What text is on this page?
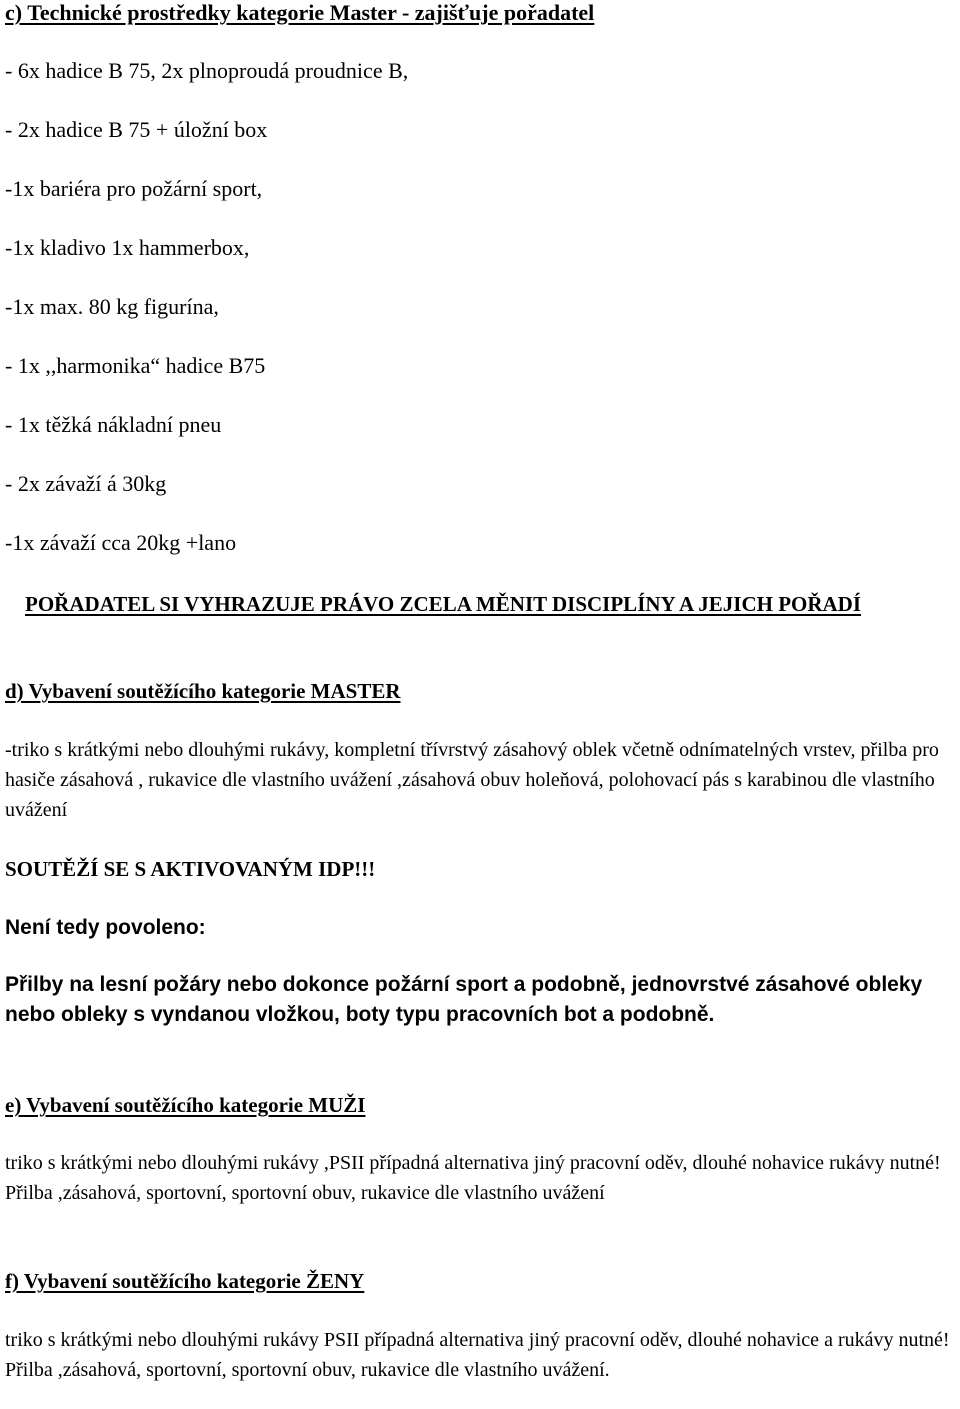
c) Technické prostředky kategorie Master - zajišťuje pořadatel
- 6x hadice B 75, 2x plnoproudá proudnice B,
- 2x hadice B 75 + úložní box
-1x bariéra pro požární sport,
-1x kladivo 1x hammerbox,
-1x max. 80 kg figurína,
- 1x ,,harmonika“ hadice B75
- 1x těžká nákladní pneu
- 2x závaží á 30kg
-1x závaží cca 20kg +lano
POŘADATEL SI VYHRAZUJE PRÁVO ZCELA MĚNIT DISCIPLÍNY A JEJICH POŘADÍ
d) Vybavení soutěžícího kategorie MASTER
-triko s krátkými nebo dlouhými rukávy, kompletní třívrstvý zásahový oblek včetně odnímatelných vrstev, přilba pro hasiče zásahová , rukavice dle vlastního uvážení ,zásahová obuv holeňová, polohovací pás s karabinou dle vlastního uvážení
SOUTĚŽÍ SE S AKTIVOVANÝM IDP!!!
Není tedy povoleno:
Přilby na lesní požáry nebo dokonce požární sport a podobně, jednovrstvé zásahové obleky nebo obleky s vyndanou vložkou, boty typu pracovních bot a podobně.
e) Vybavení soutěžícího kategorie MUŽI
triko s krátkými nebo dlouhými rukávy ,PSII případná alternativa jiný pracovní oděv, dlouhé nohavice rukávy nutné! Přilba ,zásahová, sportovní, sportovní obuv, rukavice dle vlastního uvážení
f) Vybavení soutěžícího kategorie ŽENY
triko s krátkými nebo dlouhými rukávy PSII případná alternativa jiný pracovní oděv, dlouhé nohavice a rukávy nutné! Přilba ,zásahová, sportovní, sportovní obuv, rukavice dle vlastního uvážení.
